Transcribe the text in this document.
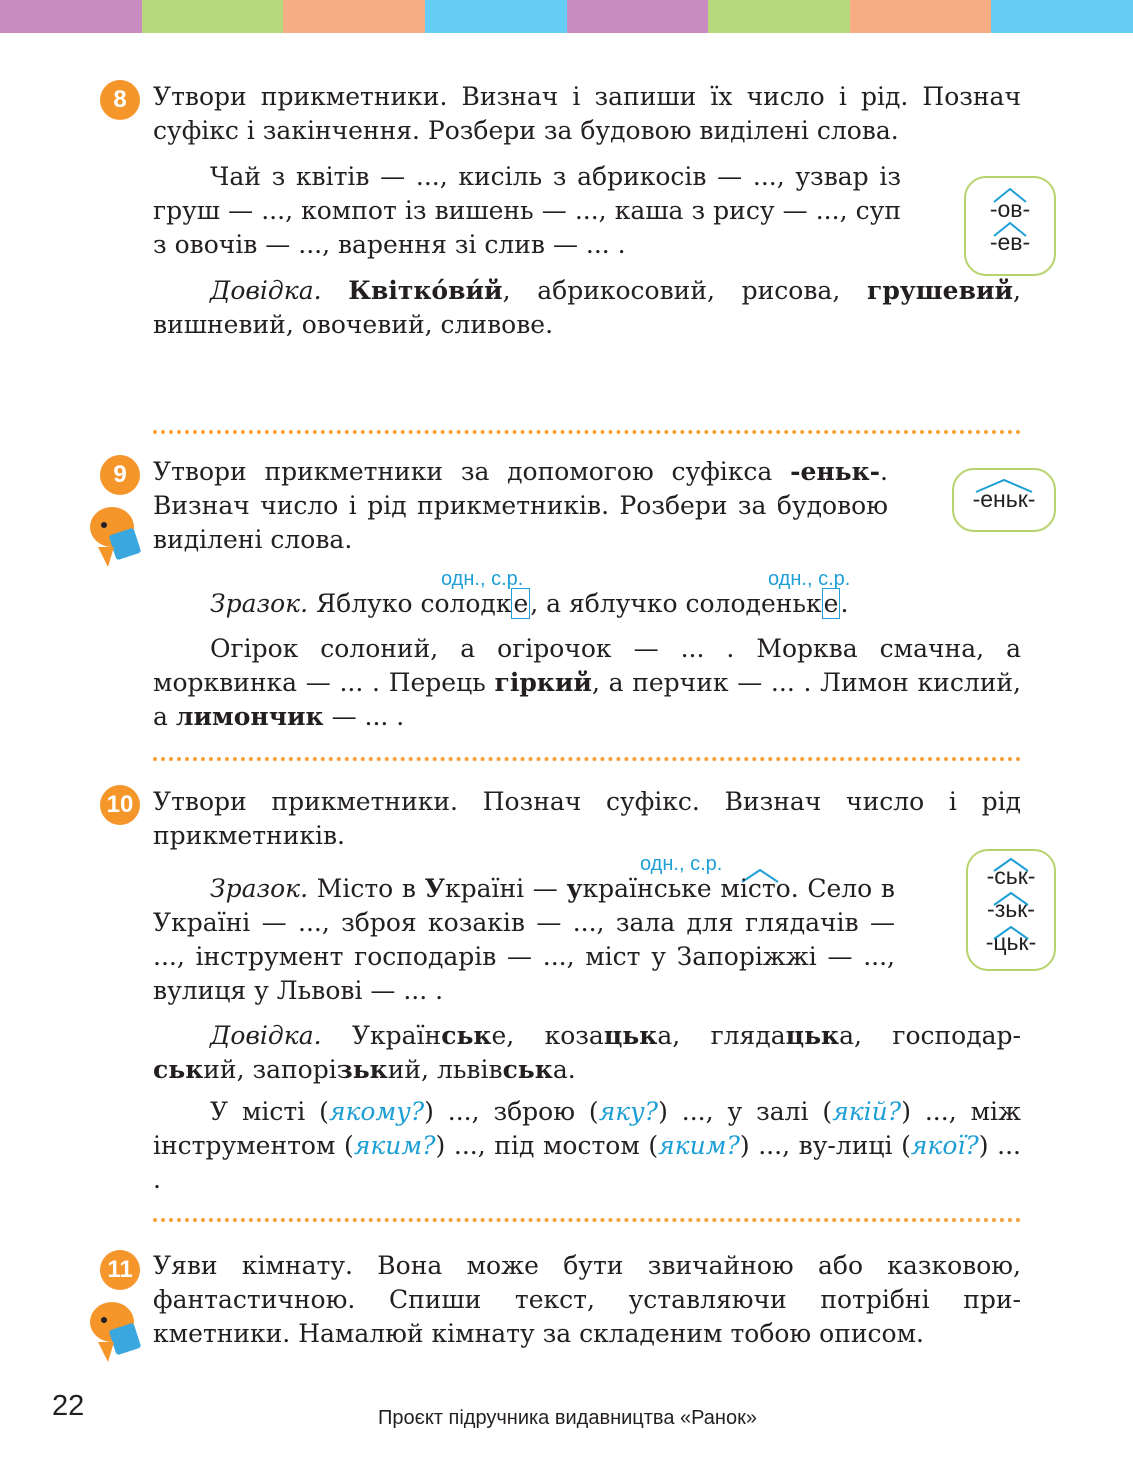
8	Утвори прикметники. Визнач і запиши їх число і рід. Познач суфікс і закінчення. Розбери за будовою виділені слова.

Чай з квітів — ..., кисіль з абрикосів — ..., узвар із груш — ..., компот із вишень — ..., каша з рису — ..., суп з овочів — ..., варення зі слив — ... .

Довідка. Квітко́ви́й, абрикосовий, рисова, грушевий, вишневий, овочевий, сливове.

-ов-
-ев-
9	Утвори прикметники за допомогою суфікса -еньк-. Визнач число і рід прикметників. Розбери за будовою виділені слова.

-еньк-
одн., с.р.	одн., с.р.

Зразок. Яблуко солодке, а яблучко солоденьке.

Огірок солоний, а огірочок — ... . Морква смачна, а морквинка — ... . Перець гіркий, а перчик — ... . Лимон кислий, а лимончик — ... .

10 Утвори прикметники. Познач суфікс. Визнач число і рід прикметників.

одн., с.р.

Зразок. Місто в Україні — українське місто. Село в Україні — ..., зброя козаків — ..., зала для глядачів — ..., інструмент господарів — ..., міст у Запоріжжі — ..., вулиця у Львові — ... .

-ськ-
-зьк-
-цьк-

Довідка. Українське, козацька, глядацька, господар-ський, запорізький, львівська.

У місті (якому?) ..., зброю (яку?) ..., у залі (якій?) ..., між інструментом (яким?) ..., під мостом (яким?) ..., ву-лиці (якої?) ... .

11 Уяви кімнату. Вона може бути звичайною або казковою, фантастичною. Спиши текст, уставляючи потрібні при-кметники. Намалюй кімнату за складеним тобою описом.

22	Проєкт підручника видавництва «Ранок»
